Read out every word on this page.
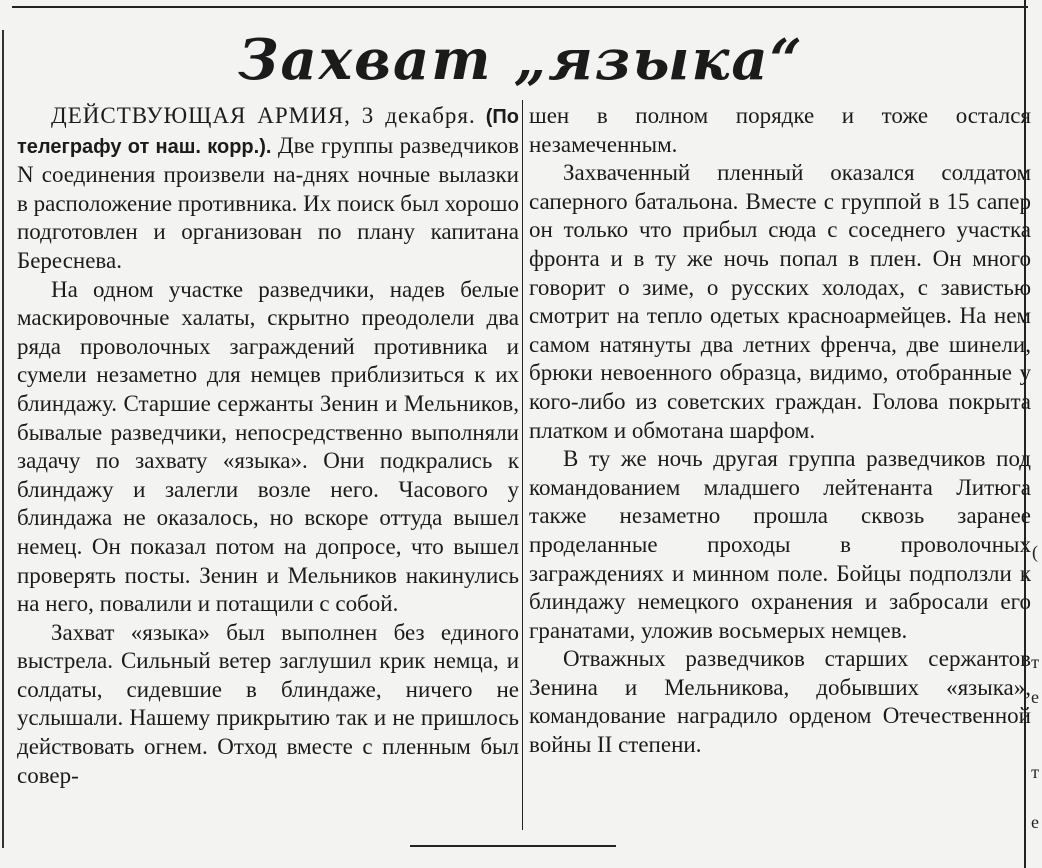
Захват „языка“

ДЕЙСТВУЮЩАЯ АРМИЯ, 3 декабря. (По телеграфу от наш. корр.). Две группы разведчиков N соединения произвели на-днях ночные вылазки в расположение противника. Их поиск был хорошо подготовлен и организован по плану капитана Береснева.

На одном участке разведчики, надев белые маскировочные халаты, скрытно преодолели два ряда проволочных заграждений противника и сумели незаметно для немцев приблизиться к их блиндажу. Старшие сержанты Зенин и Мельников, бывалые разведчики, непосредственно выполняли задачу по захвату «языка». Они подкрались к блиндажу и залегли возле него. Часового у блиндажа не оказалось, но вскоре оттуда вышел немец. Он показал потом на допросе, что вышел проверять посты. Зенин и Мельников накинулись на него, повалили и потащили с собой.

Захват «языка» был выполнен без единого выстрела. Сильный ветер заглушил крик немца, и солдаты, сидевшие в блиндаже, ничего не услышали. Нашему прикрытию так и не пришлось действовать огнем. Отход вместе с пленным был совер-

шен в полном порядке и тоже остался незамеченным.

Захваченный пленный оказался солдатом саперного батальона. Вместе с группой в 15 сапер он только что прибыл сюда с соседнего участка фронта и в ту же ночь попал в плен. Он много говорит о зиме, о русских холодах, с завистью смотрит на тепло одетых красноармейцев. На нем самом натянуты два летних френча, две шинели, брюки невоенного образца, видимо, отобранные у кого-либо из советских граждан. Голова покрыта платком и обмотана шарфом.

В ту же ночь другая группа разведчиков под командованием младшего лейтенанта Литюга также незаметно прошла сквозь заранее проделанные проходы в проволочных заграждениях и минном поле. Бойцы подползли к блиндажу немецкого охранения и забросали его гранатами, уложив восьмерых немцев.

Отважных разведчиков старших сержантов Зенина и Мельникова, добывших «языка», командование наградило орденом Отечественной войны II степени.

(
т
е
т
е
